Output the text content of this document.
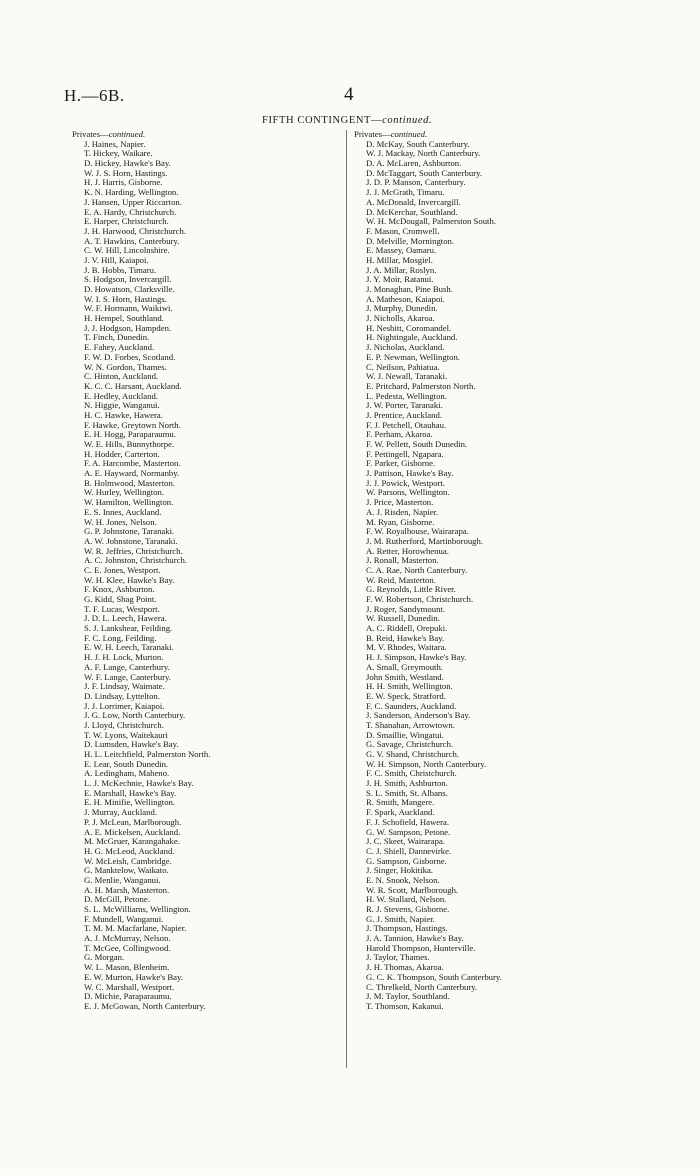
H.—6B.	4
FIFTH CONTINGENT—continued.

Privates—continued.

J. Haines, Napier.
T. Hickey, Waikare.
D. Hickey, Hawke's Bay.
W. J. S. Horn, Hastings.
H. J. Harris, Gisborne.
K. N. Harding, Wellington.
J. Hansen, Upper Riccarton.
E. A. Hardy, Christchurch.
E. Harper, Christchurch.
J. H. Harwood, Christchurch.
A. T. Hawkins, Canterbury.
C. W. Hill, Lincolnshire.
J. V. Hill, Kaiapoi.
J. B. Hobbs, Timaru.
S. Hodgson, Invercargill.
D. Howatson, Clarksville.
W. I. S. Horn, Hastings.
W. F. Hormann, Waikiwi.
H. Hempel, Southland.
J. J. Hodgson, Hampden.
T. Finch, Dunedin.
E. Fahey, Auckland.
F. W. D. Forbes, Scotland.
W. N. Gordon, Thames.
C. Hinton, Auckland.
K. C. C. Harsant, Auckland.
E. Hedley, Auckland.
N. Higgie, Wanganui.
H. C. Hawke, Hawera.
F. Hawke, Greytown North.
E. H. Hogg, Paraparaumu.
W. E. Hills, Bunnythorpe.
H. Hodder, Carterton.
F. A. Harcombe, Masterton.
A. E. Hayward, Normanby.
B. Holmwood, Masterton.
W. Hurley, Wellington.
W. Hamilton, Wellington.
E. S. Innes, Auckland.
W. H. Jones, Nelson.
G. P. Johnstone, Taranaki.
A. W. Johnstone, Taranaki.
W. R. Jeffries, Christchurch.
A. C. Johnston, Christchurch.
C. E. Jones, Westport.
W. H. Klee, Hawke's Bay.
F. Knox, Ashburton.
G. Kidd, Shag Point.
T. F. Lucas, Westport.
J. D. L. Leech, Hawera.
S. J. Lankshear, Feilding.
F. C. Long, Feilding.
E. W. H. Leech, Taranaki.
H. J. H. Lock, Murton.
A. F. Lange, Canterbury.
W. F. Lange, Canterbury.
J. F. Lindsay, Waimate.
D. Lindsay, Lyttelton.
J. J. Lorrimer, Kaiapoi.
J. G. Low, North Canterbury.
J. Lloyd, Christchurch.
T. W. Lyons, Waitekauri
D. Lumsden, Hawke's Bay.
H. L. Leitchfield, Palmerston North.
E. Lear, South Dunedin.
A. Ledingham, Maheno.
L. J. McKechnie, Hawke's Bay.
E. Marshall, Hawke's Bay.
E. H. Minifie, Wellington.
J. Murray, Auckland.
P. J. McLean, Marlborough.
A. E. Mickelsen, Auckland.
M. McGruer, Karangahake.
H. G. McLeod, Auckland.
W. McLeish, Cambridge.
G. Manktelow, Waikato.
G. Menlie, Wanganui.
A. H. Marsh, Masterton.
D. McGill, Petone.
S. L. McWilliams, Wellington.
F. Mundell, Wanganui.
T. M. M. Macfarlane, Napier.
A. J. McMurray, Nelson.
T. McGee, Collingwood.
G. Morgan.
W. L. Mason, Blenheim.
E. W. Murton, Hawke's Bay.
W. C. Marshall, Westport.
D. Michie, Paraparaumu.
E. J. McGowan, North Canterbury.

Privates—continued.

D. McKay, South Canterbury.
W. J. Mackay, North Canterbury.
D. A. McLaren, Ashburton.
D. McTaggart, South Canterbury.
J. D. P. Manson, Canterbury.
J. J. McGrath, Timaru.
A. McDonald, Invercargill.
D. McKerchar, Southland.
W. H. McDougall, Palmerston South.
F. Mason, Cromwell.
D. Melville, Mornington.
E. Massey, Oamaru.
H. Millar, Mosgiel.
J. A. Millar, Roslyn.
J. Y. Moir, Ratanui.
J. Monaghan, Pine Bush.
A. Matheson, Kaiapoi.
J. Murphy, Dunedin.
J. Nicholls, Akaroa.
H. Nesbitt, Coromandel.
H. Nightingale, Auckland.
J. Nicholas, Auckland.
E. P. Newman, Wellington.
C. Neilson, Pahiatua.
W. J. Newall, Taranaki.
E. Pritchard, Palmerston North.
L. Pedesta, Wellington.
J. W. Porter, Taranaki.
J. Prentice, Auckland.
F. J. Petchell, Otauhau.
F. Perham, Akaroa.
F. W. Pellett, South Dunedin.
F. Pettingell, Ngapara.
F. Parker, Gisborne.
J. Pattison, Hawke's Bay.
J. J. Powick, Westport.
W. Parsons, Wellington.
J. Price, Masterton.
A. J. Risden, Napier.
M. Ryan, Gisborne.
F. W. Royalhouse, Wairarapa.
J. M. Rutherford, Martinborough.
A. Retter, Horowhenua.
J. Ronall, Masterton.
C. A. Rae, North Canterbury.
W. Reid, Masterton.
G. Reynolds, Little River.
F. W. Robertson, Christchurch.
J. Roger, Sandymount.
W. Russell, Dunedin.
A. C. Riddell, Orepuki.
B. Reid, Hawke's Bay.
M. V. Rhodes, Waitara.
H. J. Simpson, Hawke's Bay.
A. Small, Greymouth.
John Smith, Westland.
H. H. Smith, Wellington.
E. W. Speck, Stratford.
F. C. Saunders, Auckland.
J. Sanderson, Anderson's Bay.
T. Shanahan, Arrowtown.
D. Smaillie, Wingatui.
G. Savage, Christchurch.
G. V. Shand, Christchurch.
W. H. Simpson, North Canterbury.
F. C. Smith, Christchurch.
J. H. Smith, Ashburton.
S. L. Smith, St. Albans.
R. Smith, Mangere.
F. Spark, Auckland.
F. J. Schofield, Hawera.
G. W. Sampson, Petone.
J. C. Skeet, Wairarapa.
C. J. Shiell, Dannevirke.
G. Sampson, Gisborne.
J. Singer, Hokitika.
E. N. Snook, Nelson.
W. R. Scott, Marlborough.
H. W. Stallard, Nelson.
R. J. Stevens, Gisborne.
G. J. Smith, Napier.
J. Thompson, Hastings.
J. A. Tannion, Hawke's Bay.
Harold Thompson, Hunterville.
J. Taylor, Thames.
J. H. Thomas, Akaroa.
G. C. K. Thompson, South Canterbury.
C. Threlkeld, North Canterbury.
J. M. Taylor, Southland.
T. Thomson, Kakanui.
